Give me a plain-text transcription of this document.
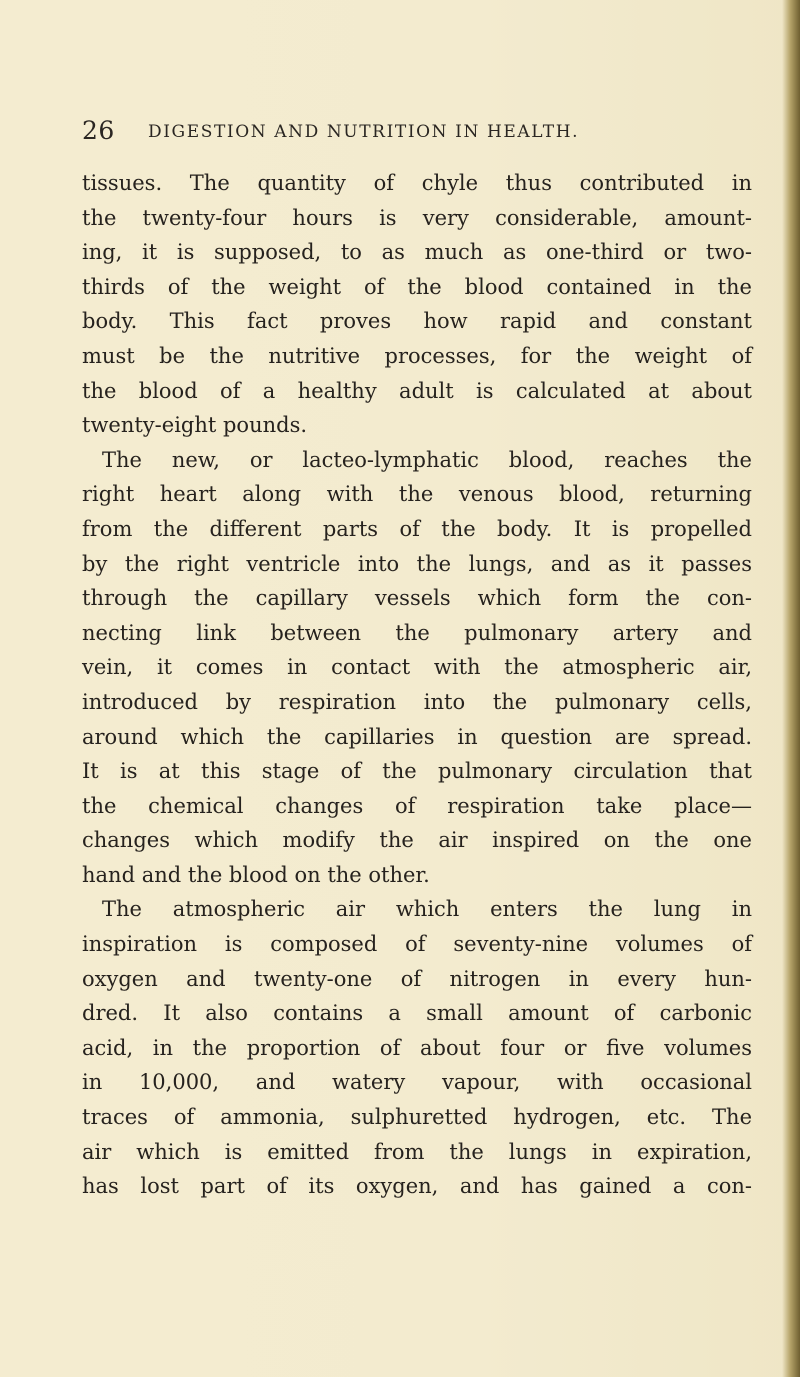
26 DIGESTION AND NUTRITION IN HEALTH.
tissues. The quantity of chyle thus contributed in
the twenty-four hours is very considerable, amount-
ing, it is supposed, to as much as one-third or two-
thirds of the weight of the blood contained in the
body. This fact proves how rapid and constant
must be the nutritive processes, for the weight of
the blood of a healthy adult is calculated at about
twenty-eight pounds.
The new, or lacteo-lymphatic blood, reaches the
right heart along with the venous blood, returning
from the different parts of the body. It is propelled
by the right ventricle into the lungs, and as it passes
through the capillary vessels which form the con-
necting link between the pulmonary artery and
vein, it comes in contact with the atmospheric air,
introduced by respiration into the pulmonary cells,
around which the capillaries in question are spread.
It is at this stage of the pulmonary circulation that
the chemical changes of respiration take place—
changes which modify the air inspired on the one
hand and the blood on the other.
The atmospheric air which enters the lung in
inspiration is composed of seventy-nine volumes of
oxygen and twenty-one of nitrogen in every hun-
dred. It also contains a small amount of carbonic
acid, in the proportion of about four or five volumes
in 10,000, and watery vapour, with occasional
traces of ammonia, sulphuretted hydrogen, etc. The
air which is emitted from the lungs in expiration,
has lost part of its oxygen, and has gained a con-
